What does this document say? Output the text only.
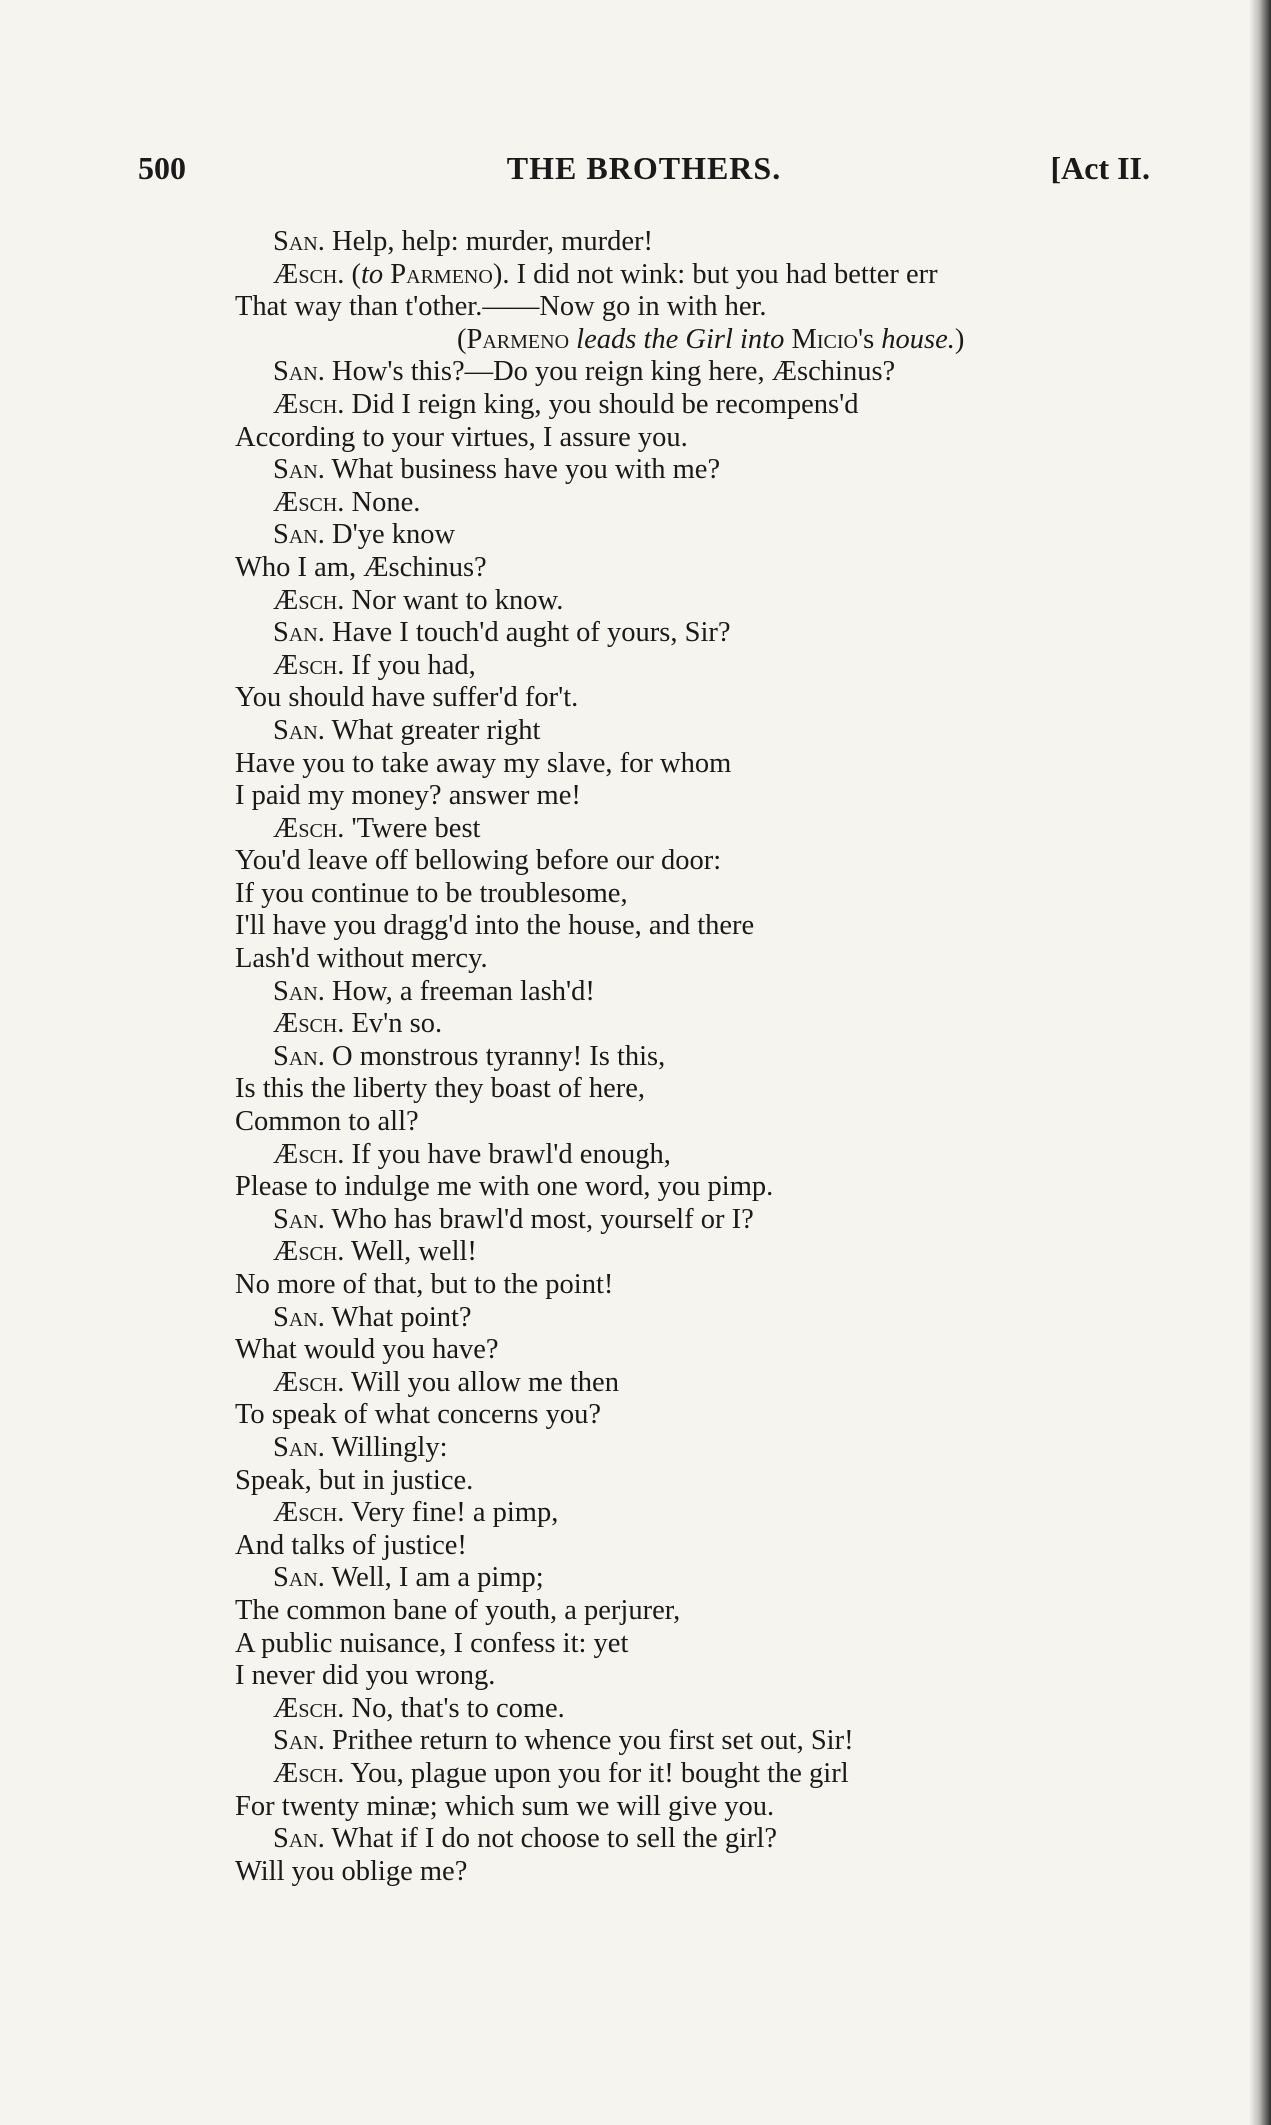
500	THE BROTHERS.	[Act II.
San. Help, help: murder, murder!
Æsch. (to Parmeno). I did not wink: but you had better err
That way than t'other.——Now go in with her.
(Parmeno leads the Girl into Micio's house.)
San. How's this?—Do you reign king here, Æschinus?
Æsch. Did I reign king, you should be recompens'd
According to your virtues, I assure you.
San. What business have you with me?
Æsch. None.
San. D'ye know
Who I am, Æschinus?
Æsch. Nor want to know.
San. Have I touch'd aught of yours, Sir?
Æsch. If you had,
You should have suffer'd for't.
San. What greater right
Have you to take away my slave, for whom
I paid my money? answer me!
Æsch. 'Twere best
You'd leave off bellowing before our door:
If you continue to be troublesome,
I'll have you dragg'd into the house, and there
Lash'd without mercy.
San. How, a freeman lash'd!
Æsch. Ev'n so.
San. O monstrous tyranny! Is this,
Is this the liberty they boast of here,
Common to all?
Æsch. If you have brawl'd enough,
Please to indulge me with one word, you pimp.
San. Who has brawl'd most, yourself or I?
Æsch. Well, well!
No more of that, but to the point!
San. What point?
What would you have?
Æsch. Will you allow me then
To speak of what concerns you?
San. Willingly:
Speak, but in justice.
Æsch. Very fine! a pimp,
And talks of justice!
San. Well, I am a pimp;
The common bane of youth, a perjurer,
A public nuisance, I confess it: yet
I never did you wrong.
Æsch. No, that's to come.
San. Prithee return to whence you first set out, Sir!
Æsch. You, plague upon you for it! bought the girl
For twenty minæ; which sum we will give you.
San. What if I do not choose to sell the girl?
Will you oblige me?
